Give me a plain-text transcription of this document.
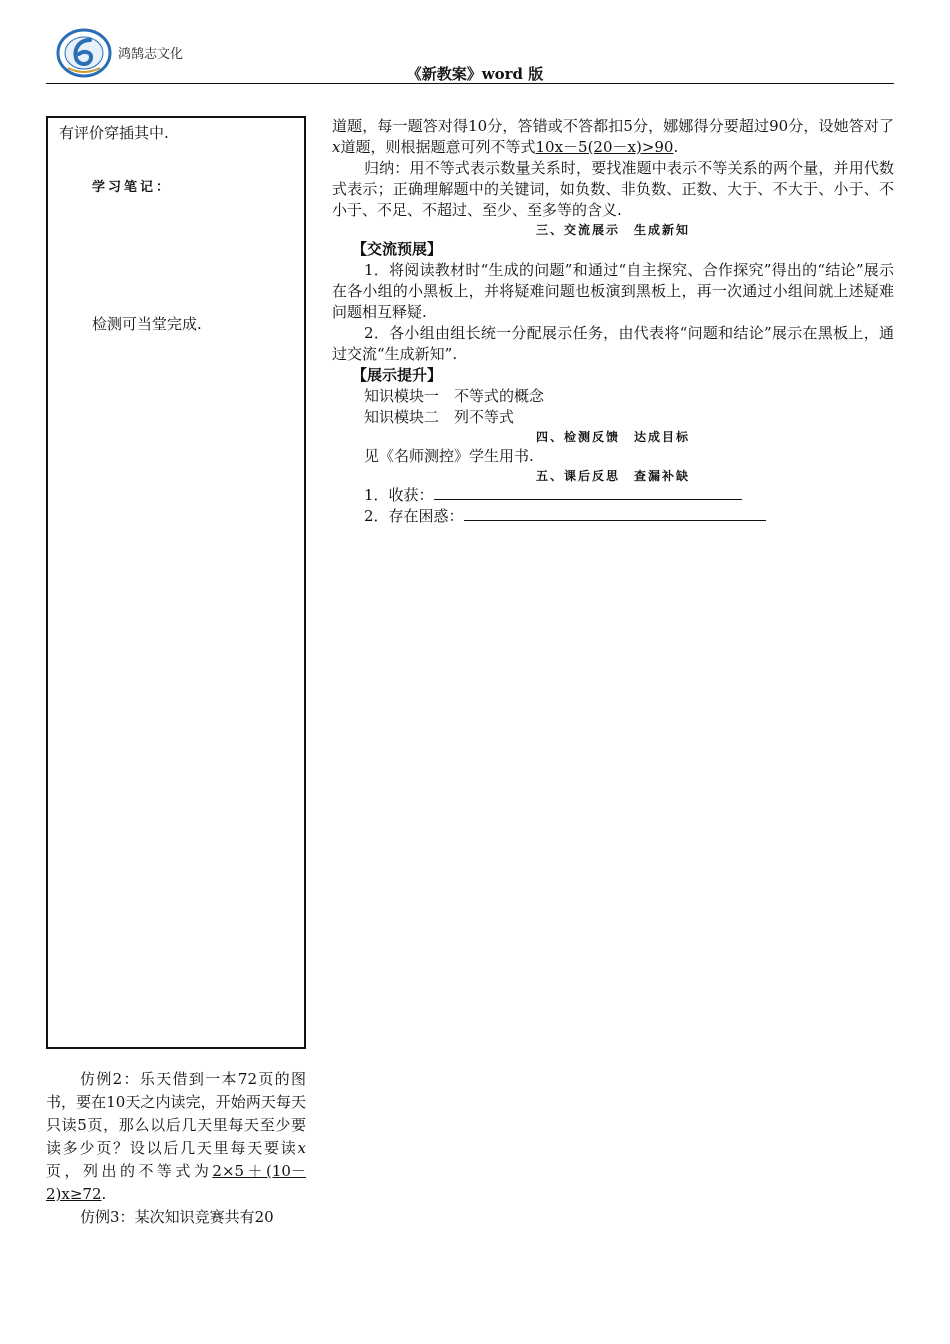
鸿鹄志文化
《新教案》word 版
有评价穿插其中.
学习笔记：
检测可当堂完成.

仿例2：乐天借到一本72页的图书，要在10天之内读完，开始两天每天只读5页，那么以后几天里每天至少要读多少页？设以后几天里每天要读x页，列出的不等式为2×5＋(10－2)x≥72.

仿例3：某次知识竞赛共有20

道题，每一题答对得10分，答错或不答都扣5分，娜娜得分要超过90分，设她答对了x道题，则根据题意可列不等式10x－5(20－x)>90.

归纳：用不等式表示数量关系时，要找准题中表示不等关系的两个量，并用代数式表示；正确理解题中的关键词，如负数、非负数、正数、大于、不大于、小于、不小于、不足、不超过、至少、至多等的含义.

三、交流展示　生成新知

【交流预展】

1．将阅读教材时“生成的问题”和通过“自主探究、合作探究”得出的“结论”展示在各小组的小黑板上，并将疑难问题也板演到黑板上，再一次通过小组间就上述疑难问题相互释疑.

2．各小组由组长统一分配展示任务，由代表将“问题和结论”展示在黑板上，通过交流“生成新知”.

【展示提升】

知识模块一　不等式的概念

知识模块二　列不等式

四、检测反馈　达成目标

见《名师测控》学生用书.

五、课后反思　查漏补缺

1．收获：

2．存在困惑：
